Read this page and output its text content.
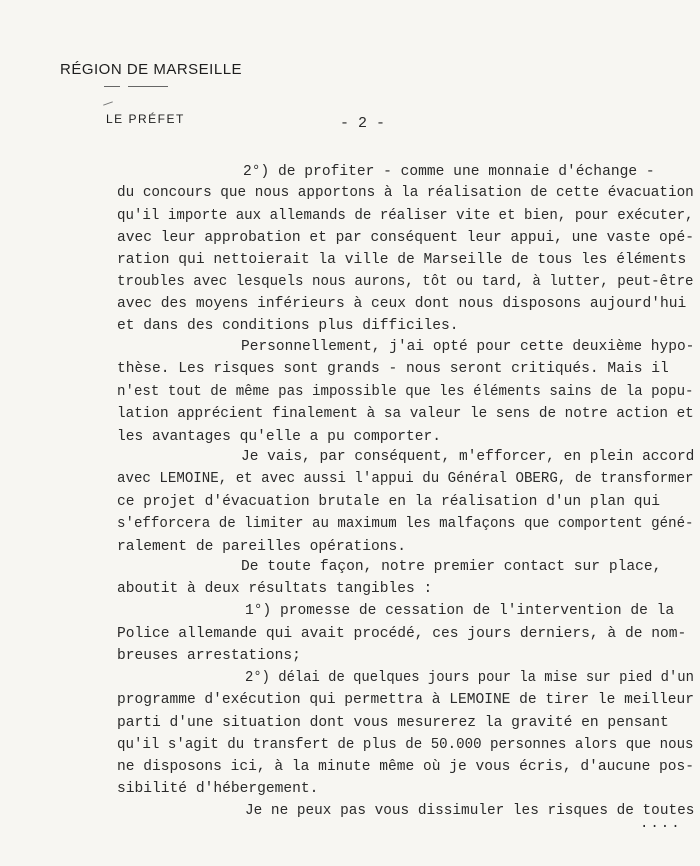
RÉGION DE MARSEILLE
LE PRÉFET	- 2 -
2°) de profiter - comme une monnaie d'échange -
du concours que nous apportons à la réalisation de cette évacuation
qu'il importe aux allemands de réaliser vite et bien, pour exécuter,
avec leur approbation et par conséquent leur appui, une vaste opé-
ration qui nettoierait la ville de Marseille de tous les éléments
troubles avec lesquels nous aurons, tôt ou tard, à lutter, peut-être
avec des moyens inférieurs à ceux dont nous disposons aujourd'hui
et dans des conditions plus difficiles.
Personnellement, j'ai opté pour cette deuxième hypo-
thèse. Les risques sont grands - nous seront critiqués. Mais il
n'est tout de même pas impossible que les éléments sains de la popu-
lation apprécient finalement à sa valeur le sens de notre action et
les avantages qu'elle a pu comporter.
Je vais, par conséquent, m'efforcer, en plein accord
avec LEMOINE, et avec aussi l'appui du Général OBERG, de transformer
ce projet d'évacuation brutale en la réalisation d'un plan qui
s'efforcera de limiter au maximum les malfaçons que comportent géné-
ralement de pareilles opérations.
De toute façon, notre premier contact sur place,
aboutit à deux résultats tangibles :
1°) promesse de cessation de l'intervention de la
Police allemande qui avait procédé, ces jours derniers, à de nom-
breuses arrestations;
2°) délai de quelques jours pour la mise sur pied d'un
programme d'exécution qui permettra à LEMOINE de tirer le meilleur
parti d'une situation dont vous mesurerez la gravité en pensant
qu'il s'agit du transfert de plus de 50.000 personnes alors que nous
ne disposons ici, à la minute même où je vous écris, d'aucune pos-
sibilité d'hébergement.
Je ne peux pas vous dissimuler les risques de toutes
....
